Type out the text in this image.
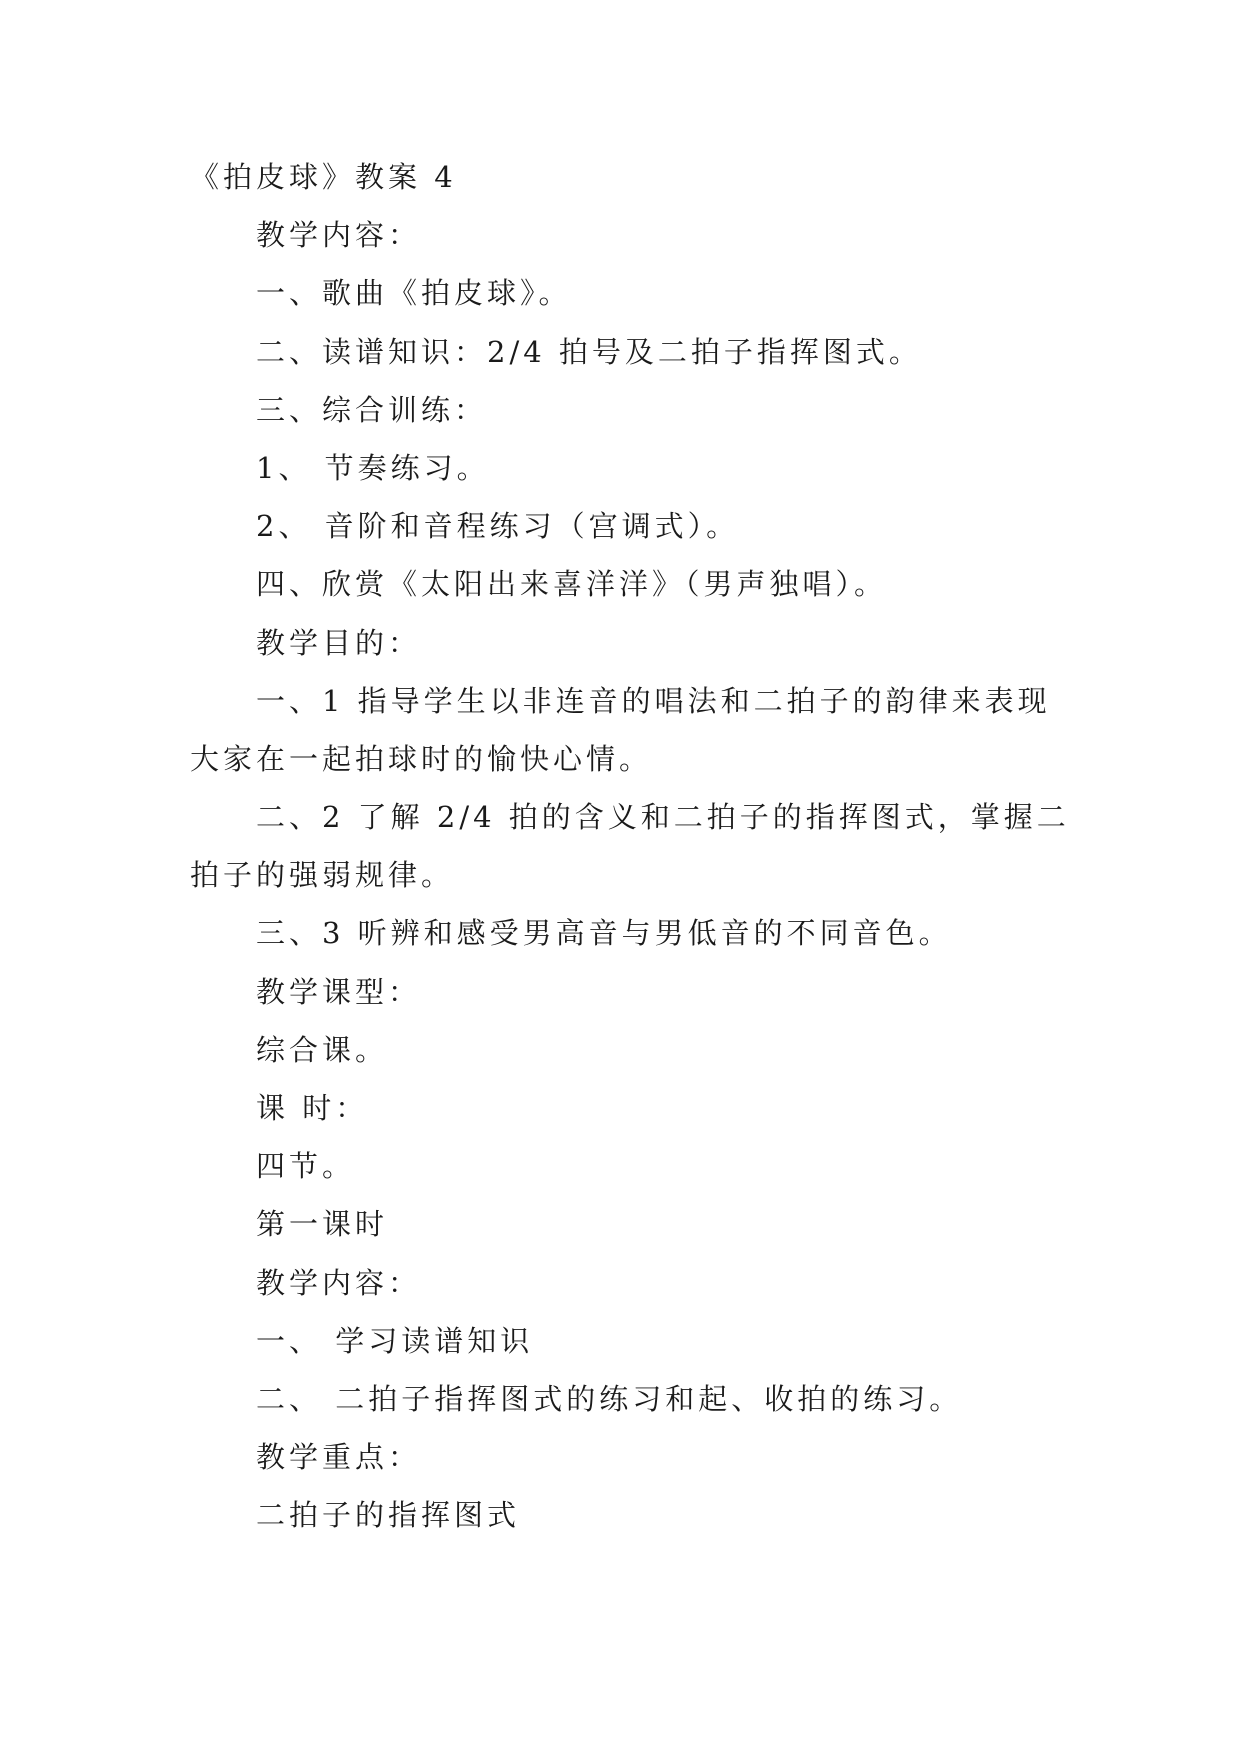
《拍皮球》教案 4
教学内容：
一、歌曲《拍皮球》。
二、读谱知识：2/4 拍号及二拍子指挥图式。
三、综合训练：
1、 节奏练习。
2、 音阶和音程练习（宫调式）。
四、欣赏《太阳出来喜洋洋》（男声独唱）。
教学目的：
一、1 指导学生以非连音的唱法和二拍子的韵律来表现
大家在一起拍球时的愉快心情。
二、2 了解 2/4 拍的含义和二拍子的指挥图式，掌握二
拍子的强弱规律。
三、3 听辨和感受男高音与男低音的不同音色。
教学课型：
综合课。
课 时：
四节。
第一课时
教学内容：
一、 学习读谱知识
二、 二拍子指挥图式的练习和起、收拍的练习。
教学重点：
二拍子的指挥图式
